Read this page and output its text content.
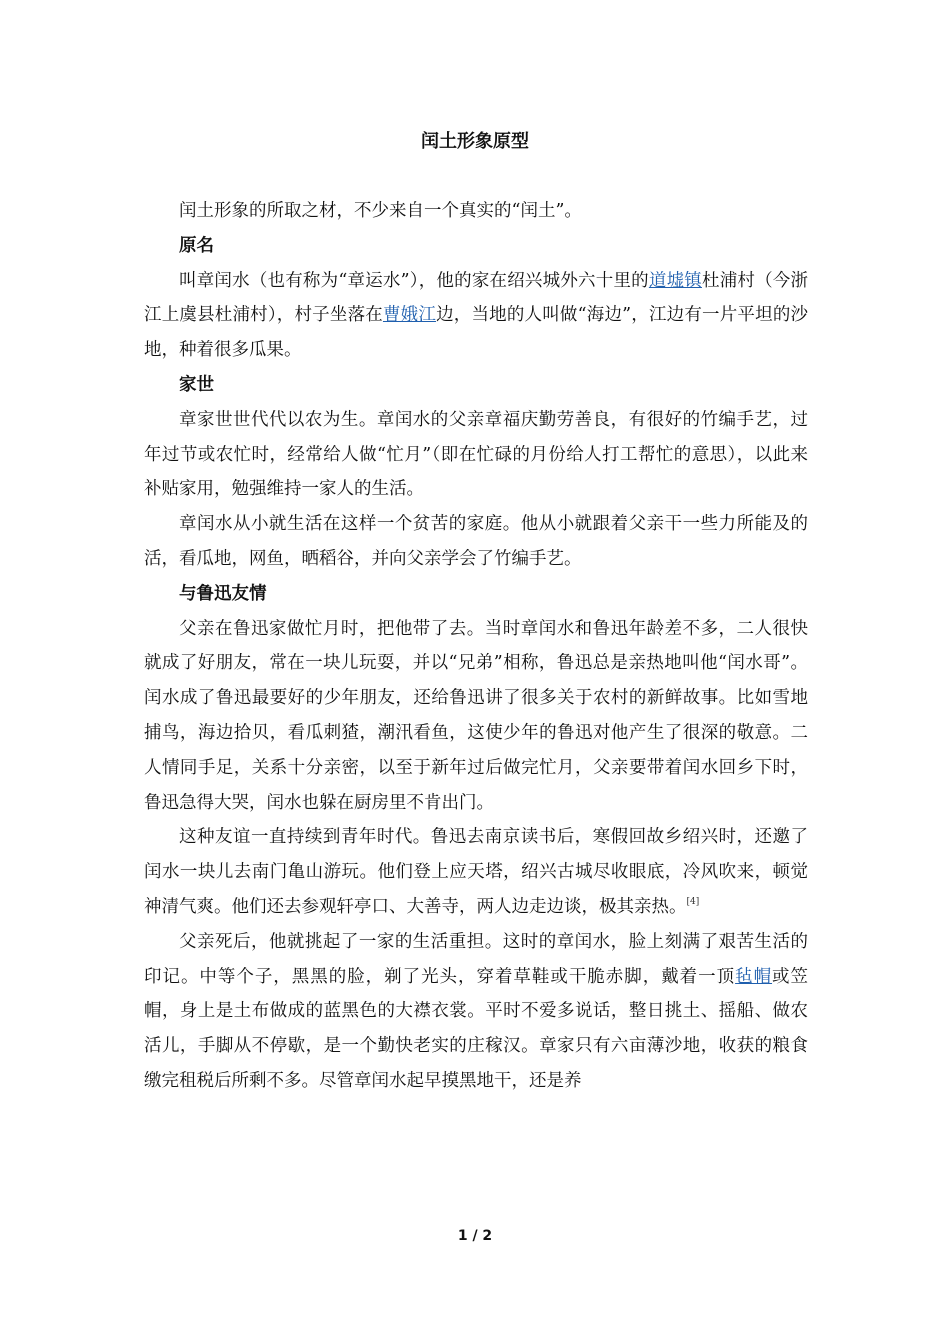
闰土形象原型

闰土形象的所取之材，不少来自一个真实的“闰土”。

原名

叫章闰水（也有称为“章运水”），他的家在绍兴城外六十里的道墟镇杜浦村（今浙江上虞县杜浦村），村子坐落在曹娥江边，当地的人叫做“海边”，江边有一片平坦的沙地，种着很多瓜果。

家世

章家世世代代以农为生。章闰水的父亲章福庆勤劳善良，有很好的竹编手艺，过年过节或农忙时，经常给人做“忙月”（即在忙碌的月份给人打工帮忙的意思），以此来补贴家用，勉强维持一家人的生活。

章闰水从小就生活在这样一个贫苦的家庭。他从小就跟着父亲干一些力所能及的活，看瓜地，网鱼，晒稻谷，并向父亲学会了竹编手艺。

与鲁迅友情

父亲在鲁迅家做忙月时，把他带了去。当时章闰水和鲁迅年龄差不多，二人很快就成了好朋友，常在一块儿玩耍，并以“兄弟”相称，鲁迅总是亲热地叫他“闰水哥”。闰水成了鲁迅最要好的少年朋友，还给鲁迅讲了很多关于农村的新鲜故事。比如雪地捕鸟，海边拾贝，看瓜刺猹，潮汛看鱼，这使少年的鲁迅对他产生了很深的敬意。二人情同手足，关系十分亲密，以至于新年过后做完忙月，父亲要带着闰水回乡下时，鲁迅急得大哭，闰水也躲在厨房里不肯出门。

这种友谊一直持续到青年时代。鲁迅去南京读书后，寒假回故乡绍兴时，还邀了闰水一块儿去南门亀山游玩。他们登上应天塔，绍兴古城尽收眼底，冷风吹来，顿觉神清气爽。他们还去参观轩亭口、大善寺，两人边走边谈，极其亲热。[4]

父亲死后，他就挑起了一家的生活重担。这时的章闰水，脸上刻满了艰苦生活的印记。中等个子，黑黑的脸，剃了光头，穿着草鞋或干脆赤脚，戴着一顶毡帽或笠帽，身上是土布做成的蓝黑色的大襟衣裳。平时不爱多说话，整日挑土、摇船、做农活儿，手脚从不停歇，是一个勤快老实的庄稼汉。章家只有六亩薄沙地，收获的粮食缴完租税后所剩不多。尽管章闰水起早摸黑地干，还是养

1 / 2
